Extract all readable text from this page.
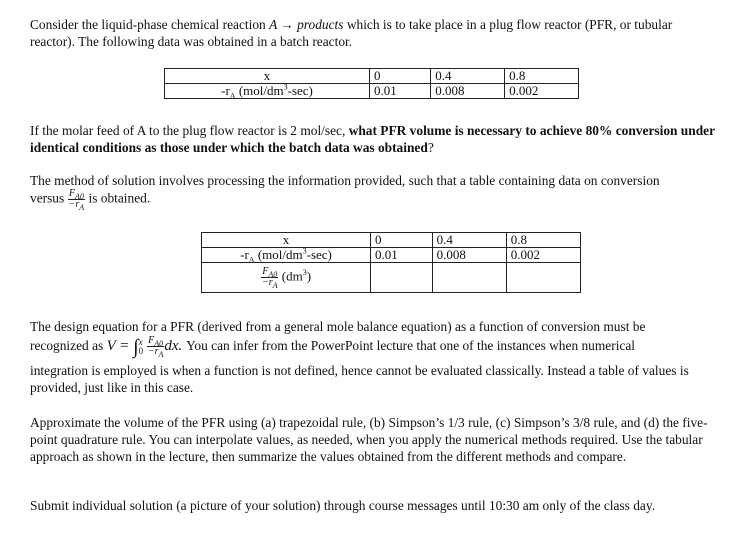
Consider the liquid-phase chemical reaction A → products which is to take place in a plug flow reactor (PFR, or tubular reactor). The following data was obtained in a batch reactor.

x	0	0.4	0.8
$-r_A$ $(mol/dm^3-\sec)$	0.01	0.008	0.002

If the molar feed of A to the plug flow reactor is 2 mol/sec, what PFR volume is necessary to achieve 80% conversion under identical conditions as those under which the batch data was obtained?

The method of solution involves processing the information provided, such that a table containing data on conversion

versus $\frac{F_{A0}}{-r_A}$ is obtained.
x	0	0.4	0.8
$-r_A$ $(mol/dm^3-\sec)$	0.01	0.008	0.002

$\frac{F_{A0}}{-r_A} (dm^3)$			

The design equation for a PFR (derived from a general mole balance equation) as a function of conversion must be

recognized as V = ∫ x
0
$\frac{F_{A0}}{-r_A}$ dx. You can infer from the PowerPoint lecture that one of the instances when numerical

integration is employed is when a function is not defined, hence cannot be evaluated classically. Instead a table of values is provided, just like in this case.

Approximate the volume of the PFR using (a) trapezoidal rule, (b) Simpson’s 1/3 rule, (c) Simpson’s 3/8 rule, and (d) the five-point quadrature rule. You can interpolate values, as needed, when you apply the numerical methods required. Use the tabular approach as shown in the lecture, then summarize the values obtained from the different methods and compare.

Submit individual solution (a picture of your solution) through course messages until 10:30 am only of the class day.
